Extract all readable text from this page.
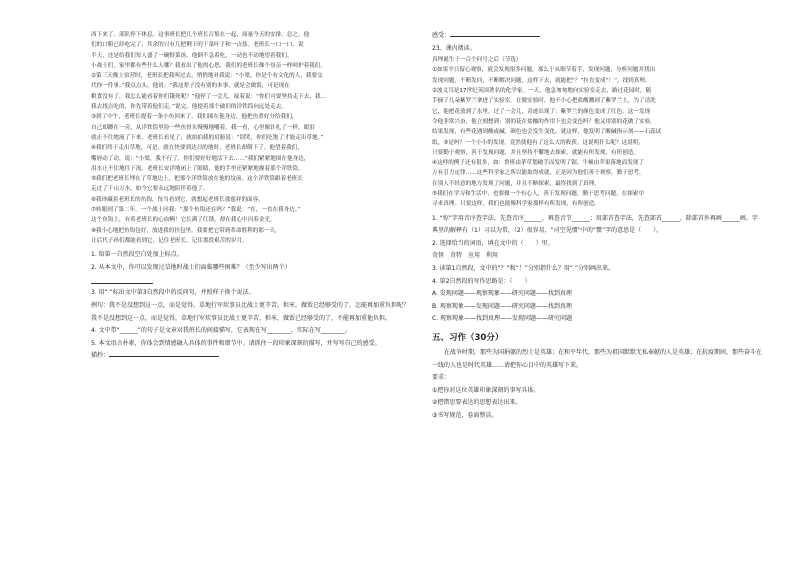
西下来了。部队停下休息。这事班长把几个班长召集在一起，商量今天的安排。总之，他
们的口粮已经吃完了，其余的只有几把剩下的干菜叶子和一点盐。老班长一口一口，说
半天，还是给我们每人盛了一碗野菜汤。他倒不急着吃，一动也不动地望着我们。
小战士们，家里都有些什么人哪？我看出了他的心思，我们的老班长像个母亲一样呵护着我们。
②第三天晚上宿营时，老班长把我叫过去，悄悄地对我说：“小梁，你是个有文化的人，我要交
代你一件事。”我点点头。他说：“我这辈子没有别的本事，就是会做饭，可是现在
粮食没有了，我怎么能看着你们饿死呢？”他停了一会儿，接着说：“你们可要坚持走下去，我…
我去找点吃的，你先带着他们走。”说完，他提着那个破旧的洋铁筒向远处走去。
③到了中午，老班长提着一条小鱼回来了。我们围在他身边，他把鱼煮好分给我们，
自己却蹲在一旁，从洋铁筒里捡一些鱼骨头慢慢地嚼着。我一看，心里像针扎了一样，眼泪
就止不住地流了下来。老班长看见了，就拍拍我的肩膀说：“别哭，你们吃饱了才能走出草地。”
④我们终于走出草地，可是，就在快要到达目的地时，老班长却倒下了。他望着我们，
嘴唇动了动，说：“小梁，我不行了，你们要好好地活下去……”我们紧紧地围在他身边，
泪水止不住地往下流。老班长安详地闭上了眼睛，他的手里还紧紧地握着那个洋铁筒。
⑤我们把老班长埋在了草地边上，把那个洋铁筒放在他的坟前。这个洋铁筒跟着老班长
走过了千山万水，如今它要永远地陪伴着他了。
⑥我珍藏着老班长的鱼钩，每当看到它，就想起老班长那慈祥的面容。
⑦转眼到了第二年，一个战士问我：“那个鱼钩还在吗？”我说：“在，一直在我身边。”
这个鱼钩上，有着老班长的心血啊！它长满了红锈，却在我心中闪着金光。
⑧我小心地把鱼钩包好，放进我的挂包里。我要把它带到革命胜利的那一天，
让后代子孙们都能看到它，记住老班长，记住那段艰苦的岁月。
1. 给第一自然段空白处加上标点。
2. 从本文中，你可以发现过草地时战士们面临哪些困难？（至少写出两个）
3. 用“ ”标出文中第3自然段中的反问句，并照样子换个说法。
例句：我不是没想到这一点，而是觉得，草地行军炊事员比战士更辛苦，担米，做饭已经够受的了，怎能再加重负担呢？
我不是没想到这一点，而是觉得，草地行军炊事员比战士更辛苦，担米，做饭已经够受的了，不能再加重他负担。
4. 文中带“______”的句子是文章对我班长的间接描写，它表现在写________，实际在写________。
5. 本文语言朴素，你体会到情感融入具体的事件和细节中。请抓住一段印象深刻的描写，并写写自己的感受。
描抄：
感受：
23、课内阅读。
真理诞生于一百个问号之后（节选）
①如果平日留心观察，就会发现很多问题。那么于从细节着手，发现问题，分析问题并找出
发现问题，不断发问，不断解决问题，这样下去，就能把“？”拉直变成“！”，找到真理。
②波义耳是17世纪英国著名的化学家。一天，他急匆匆地向实验室走去，路过花园时，随
手摘了几朵紫罗兰拿进了实验室。在做实验时，他不小心把盐酸溅到了紫罗兰上，为了清洗
它，他把花放到了水里。过了一会儿，奇迹出现了：紫罗兰的颜色变成了红色。这一发现
令他非常兴奋，他立刻想到：别的花在盐酸的作用下也会变色吗？他又用别的花做了实验，
结果发现，有些花遇到酸或碱，颜色也会发生变化。就这样，他发明了酸碱指示剂——石蕊试
纸。③是吗？一个小小的发现，竟然使他有了这么大的收获。这说明什么呢？这说明，
只要勤于观察，善于发现问题，并且坚持不懈地去探索，就能有所发现，有所创造。
④这样的例子还有很多，如：鲁班由茅草划破手而发明了锯，牛顿由苹果落地而发现了
万有引力定律……这些科学家之所以能取得成就，正是因为他们善于观察，勤于思考，
在别人不经意的地方发现了问题，并且不断探索，最终找到了真理。
⑤我们在学习和生活中，也要做一个有心人，善于发现问题，勤于思考问题，在探索中
寻求真理。只要这样，我们也能像科学家那样有所发现，有所创造。
1. “惊”字用音序查字法，先查音序______，再查音节______；用部首查字法，先查部首______，除部首外再画______画。字典里的解释有（1）习以为常，（2）很容易，“司空见惯”中的“惯”字的意思是（　　）。
2. 选择恰当的词语，填在文中的（　　）里。
奇怪　奇特　应用　利用
3. 读第1自然段，文中的“？”和“！”分别指什么？用“ ”分别画出来。
4. 第2自然段的写作思路是：（　　）
A. 发现问题——观察现象——研究问题——找到真理
B. 观察现象——发现问题——研究问题——找到真理
C. 观察现象——找到真理——发现问题——研究问题
五、习作（30分）
　　在战争时期，那些为国捐躯的烈士是英雄；在和平年代，那些为祖国默默无私奉献的人是英雄；在抗疫期间，那些奋斗在一线的人也是时代英雄……请把你心目中的英雄写下来。
要求：
①把你对这位英雄印象深刻的事写具体。
②把错思要表达的思想表达出来。
③书写规范，卷面整洁。
